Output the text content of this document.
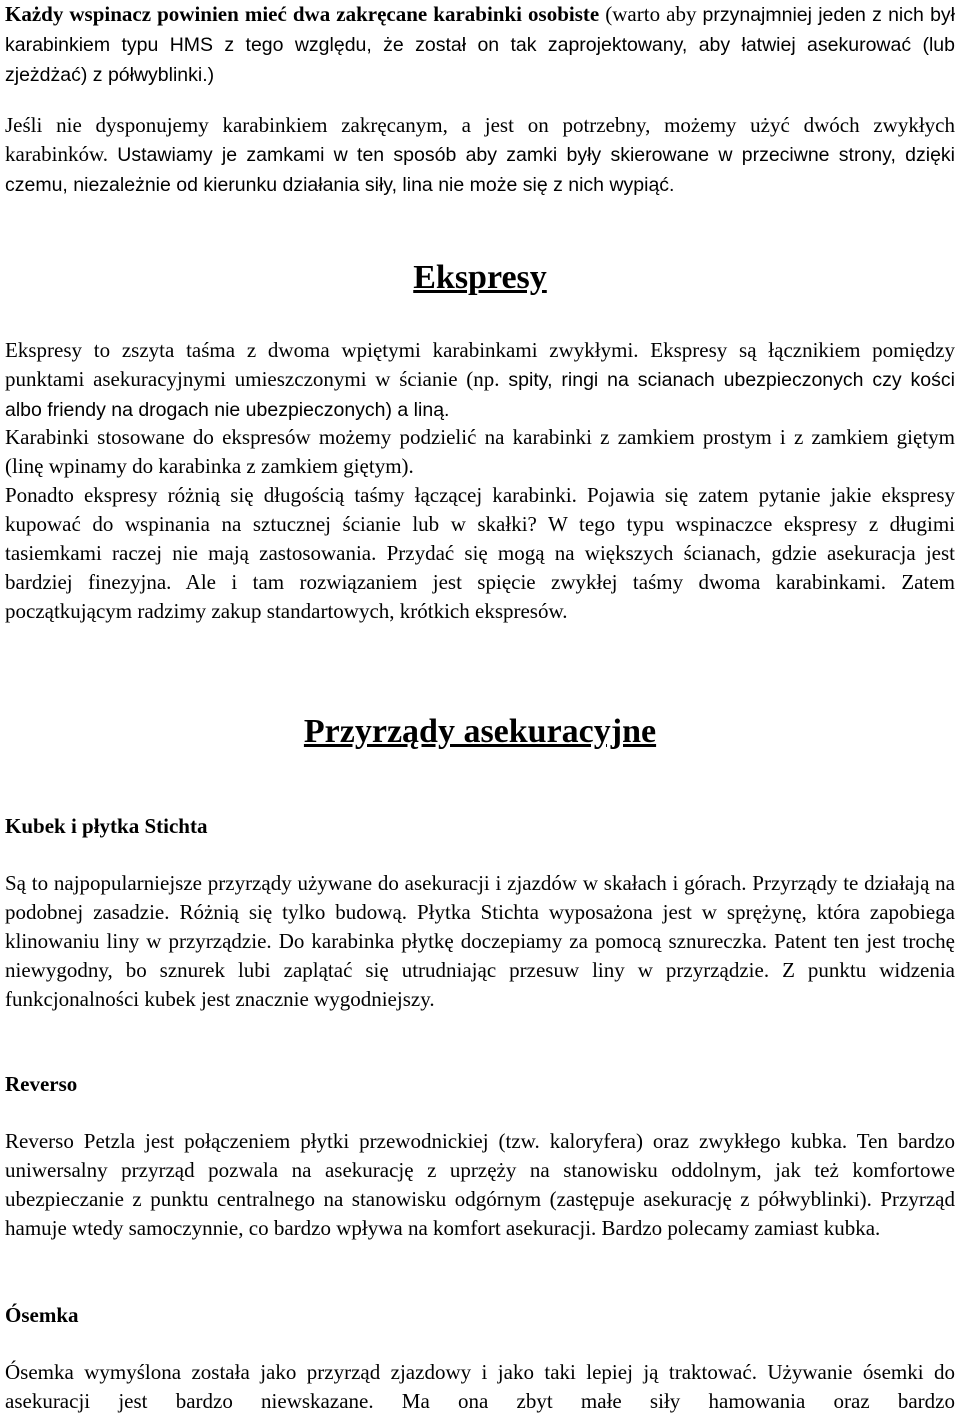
Każdy wspinacz powinien mieć dwa zakręcane karabinki osobiste (warto aby przynajmniej jeden z nich był karabinkiem typu HMS z tego względu, że został on tak zaprojektowany, aby łatwiej asekurować (lub zjeżdżać) z półwyblinki.)

Jeśli nie dysponujemy karabinkiem zakręcanym, a jest on potrzebny, możemy użyć dwóch zwykłych karabinków. Ustawiamy je zamkami w ten sposób aby zamki były skierowane w przeciwne strony, dzięki czemu, niezależnie od kierunku działania siły, lina nie może się z nich wypiąć.

Ekspresy

Ekspresy to zszyta taśma z dwoma wpiętymi karabinkami zwykłymi. Ekspresy są łącznikiem pomiędzy punktami asekuracyjnymi umieszczonymi w ścianie (np. spity, ringi na scianach ubezpieczonych czy kości albo friendy na drogach nie ubezpieczonych) a liną.

Karabinki stosowane do ekspresów możemy podzielić na karabinki z zamkiem prostym i z zamkiem giętym (linę wpinamy do karabinka z zamkiem giętym).

Ponadto ekspresy różnią się długością taśmy łączącej karabinki. Pojawia się zatem pytanie jakie ekspresy kupować do wspinania na sztucznej ścianie lub w skałki? W tego typu wspinaczce ekspresy z długimi tasiemkami raczej nie mają zastosowania. Przydać się mogą na większych ścianach, gdzie asekuracja jest bardziej finezyjna. Ale i tam rozwiązaniem jest spięcie zwykłej taśmy dwoma karabinkami. Zatem początkującym radzimy zakup standartowych, krótkich ekspresów.

Przyrządy asekuracyjne
Kubek i płytka Stichta

Są to najpopularniejsze przyrządy używane do asekuracji i zjazdów w skałach i górach. Przyrządy te działają na podobnej zasadzie. Różnią się tylko budową. Płytka Stichta wyposażona jest w sprężynę, która zapobiega klinowaniu liny w przyrządzie. Do karabinka płytkę doczepiamy za pomocą sznureczka. Patent ten jest trochę niewygodny, bo sznurek lubi zaplątać się utrudniając przesuw liny w przyrządzie. Z punktu widzenia funkcjonalności kubek jest znacznie wygodniejszy.

Reverso

Reverso Petzla jest połączeniem płytki przewodnickiej (tzw. kaloryfera) oraz zwykłego kubka. Ten bardzo uniwersalny przyrząd pozwala na asekurację z uprzęży na stanowisku oddolnym, jak też komfortowe ubezpieczanie z punktu centralnego na stanowisku odgórnym (zastępuje asekurację z półwyblinki). Przyrząd hamuje wtedy samoczynnie, co bardzo wpływa na komfort asekuracji. Bardzo polecamy zamiast kubka.

Ósemka

Ósemka wymyślona została jako przyrząd zjazdowy i jako taki lepiej ją traktować. Używanie ósemki do asekuracji jest bardzo niewskazane. Ma ona zbyt małe siły hamowania oraz bardzo
